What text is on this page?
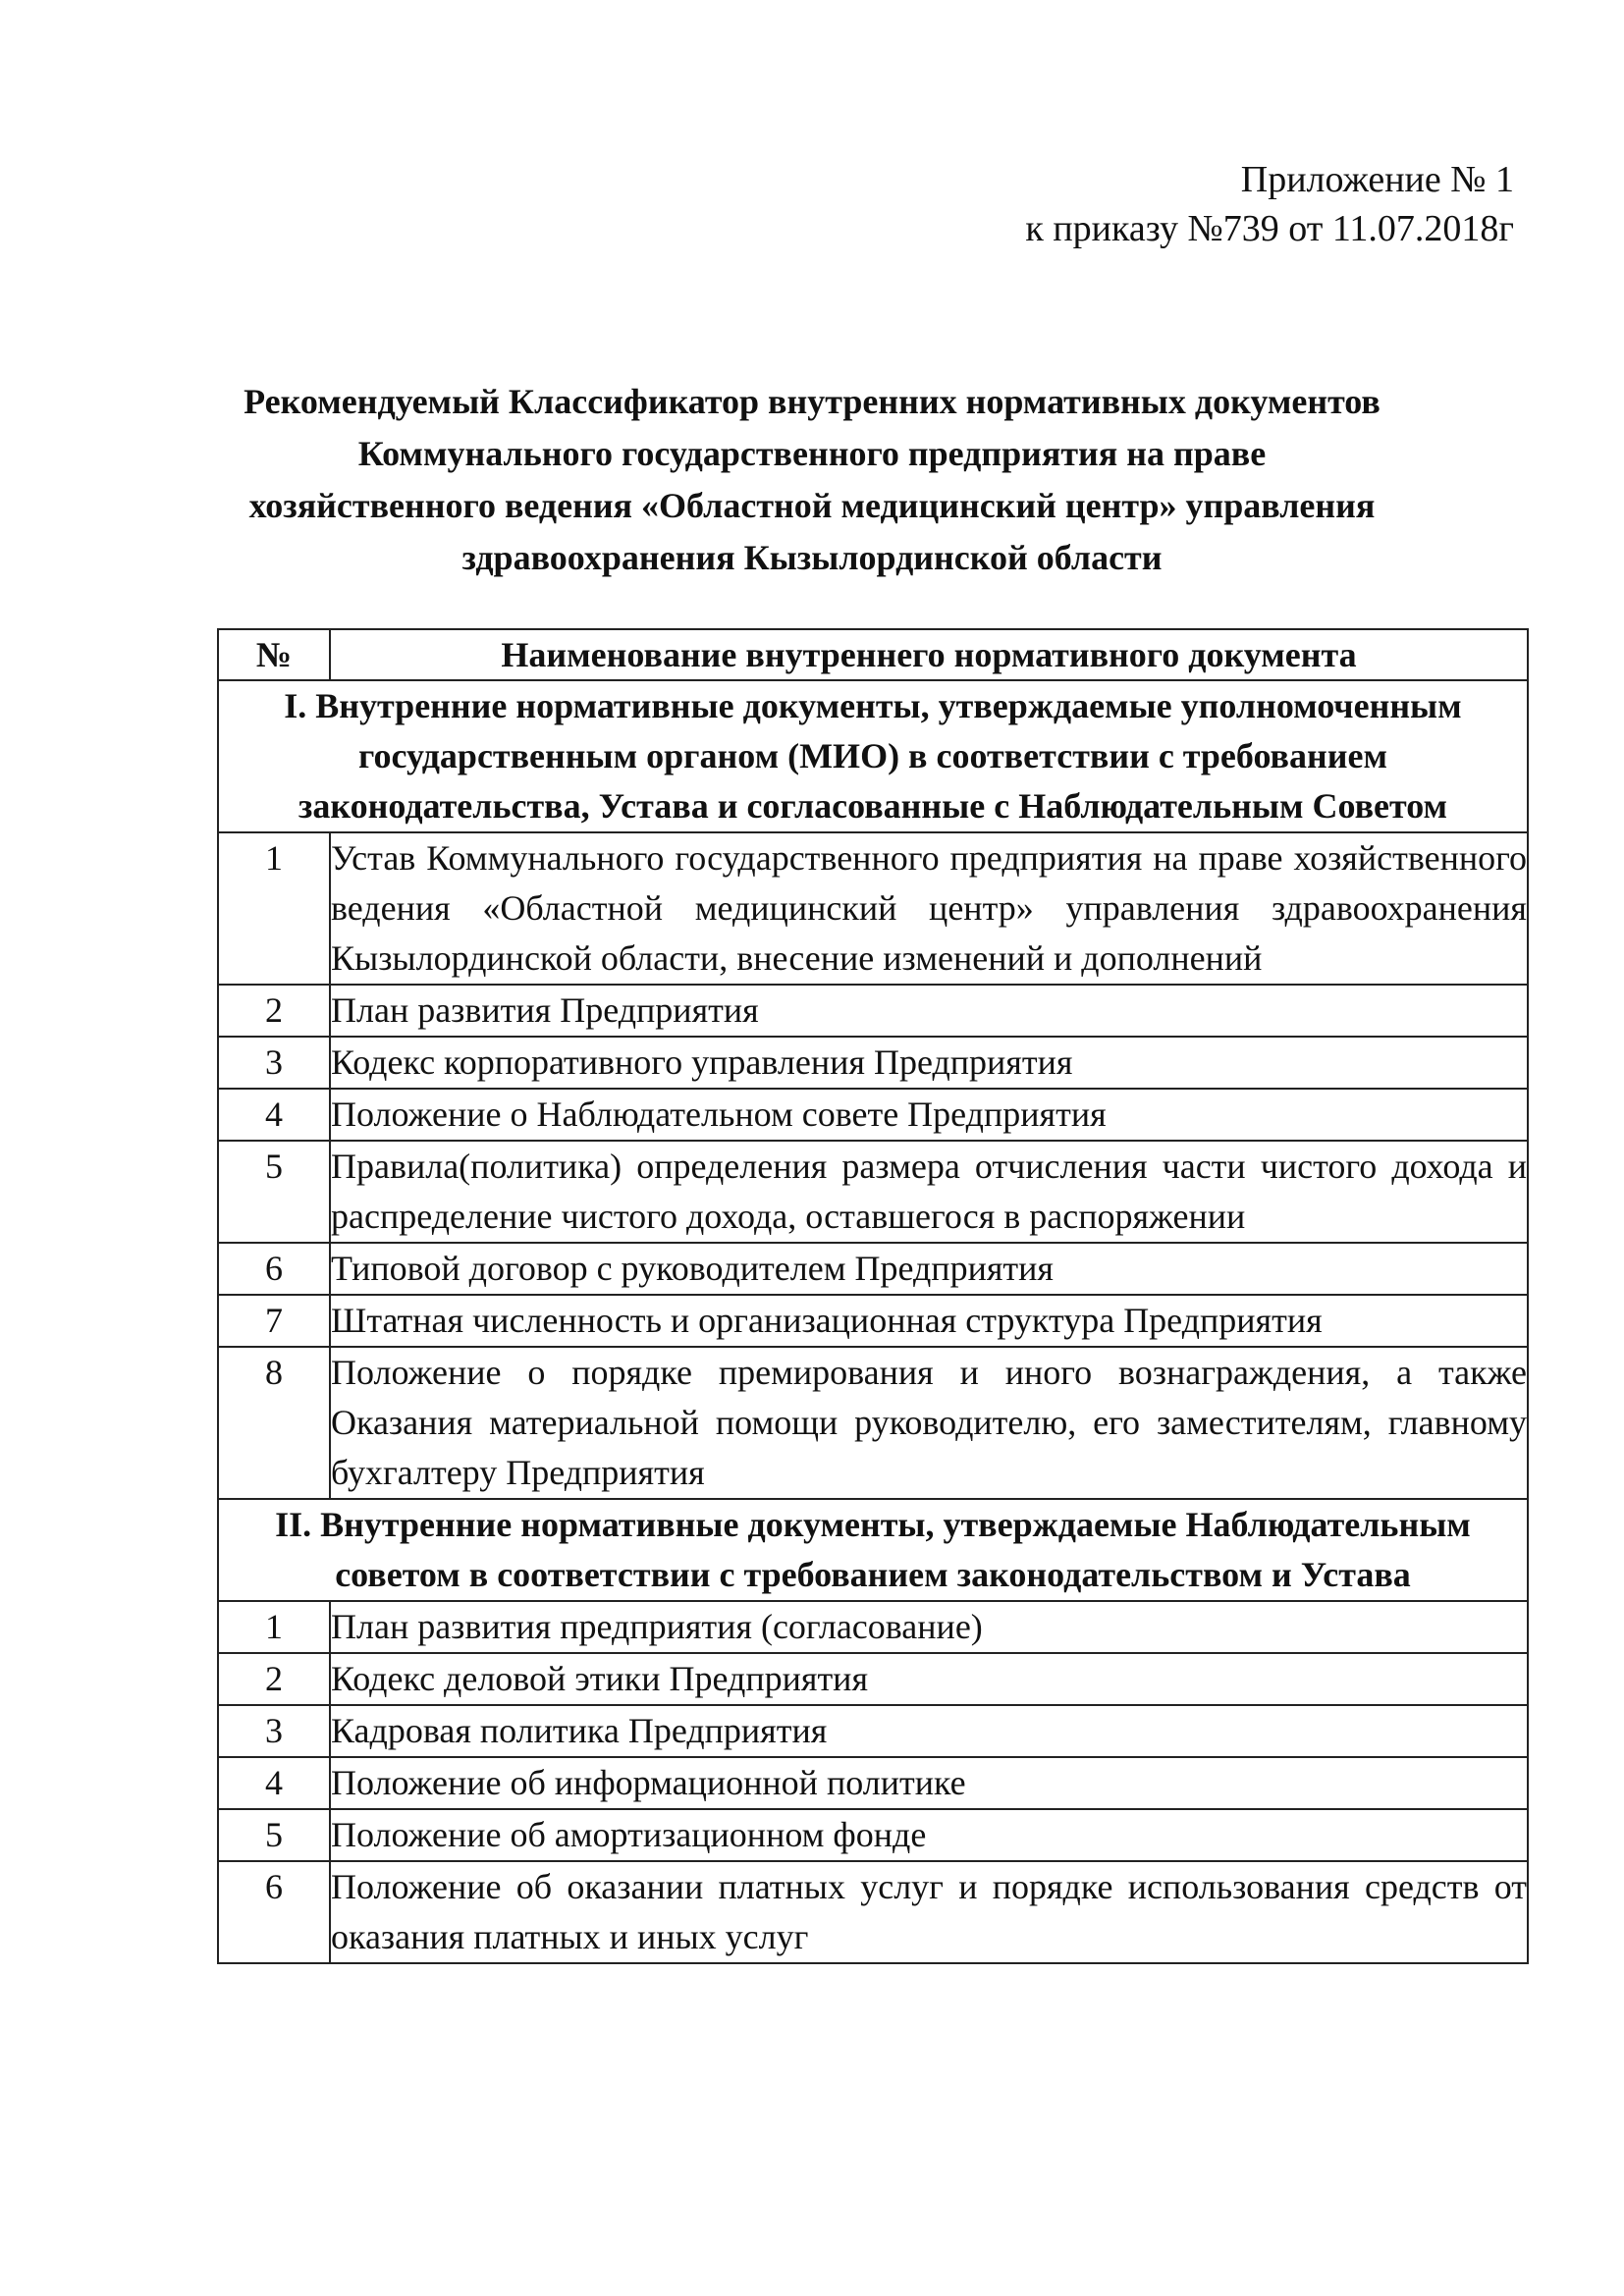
Приложение № 1
к приказу №739 от 11.07.2018г
Рекомендуемый Классификатор внутренних нормативных документов
Коммунального государственного предприятия на праве
хозяйственного ведения «Областной медицинский центр» управления
здравоохранения Кызылординской области
№	Наименование внутреннего нормативного документа
I. Внутренние нормативные документы, утверждаемые уполномоченным государственным органом (МИО) в соответствии с требованием законодательства, Устава и согласованные с Наблюдательным Советом	
1	Устав Коммунального государственного предприятия на праве хозяйственного ведения «Областной медицинский центр» управления здравоохранения Кызылординской области, внесение изменений и дополнений
2	План развития Предприятия
3	Кодекс корпоративного управления Предприятия
4	Положение о Наблюдательном совете Предприятия
5	Правила(политика) определения размера отчисления части чистого дохода и распределение чистого дохода, оставшегося в распоряжении
6	Типовой договор с руководителем Предприятия
7	Штатная численность и организационная структура Предприятия
8	Положение о порядке премирования и иного вознаграждения, а также Оказания материальной помощи руководителю, его заместителям, главному бухгалтеру Предприятия
II. Внутренние нормативные документы, утверждаемые Наблюдательным советом в соответствии с требованием законодательством и Устава	
1	План развития предприятия (согласование)
2	Кодекс деловой этики Предприятия
3	Кадровая политика Предприятия
4	Положение об информационной политике
5	Положение об амортизационном фонде
6	Положение об оказании платных услуг и порядке использования средств от оказания платных и иных услуг
